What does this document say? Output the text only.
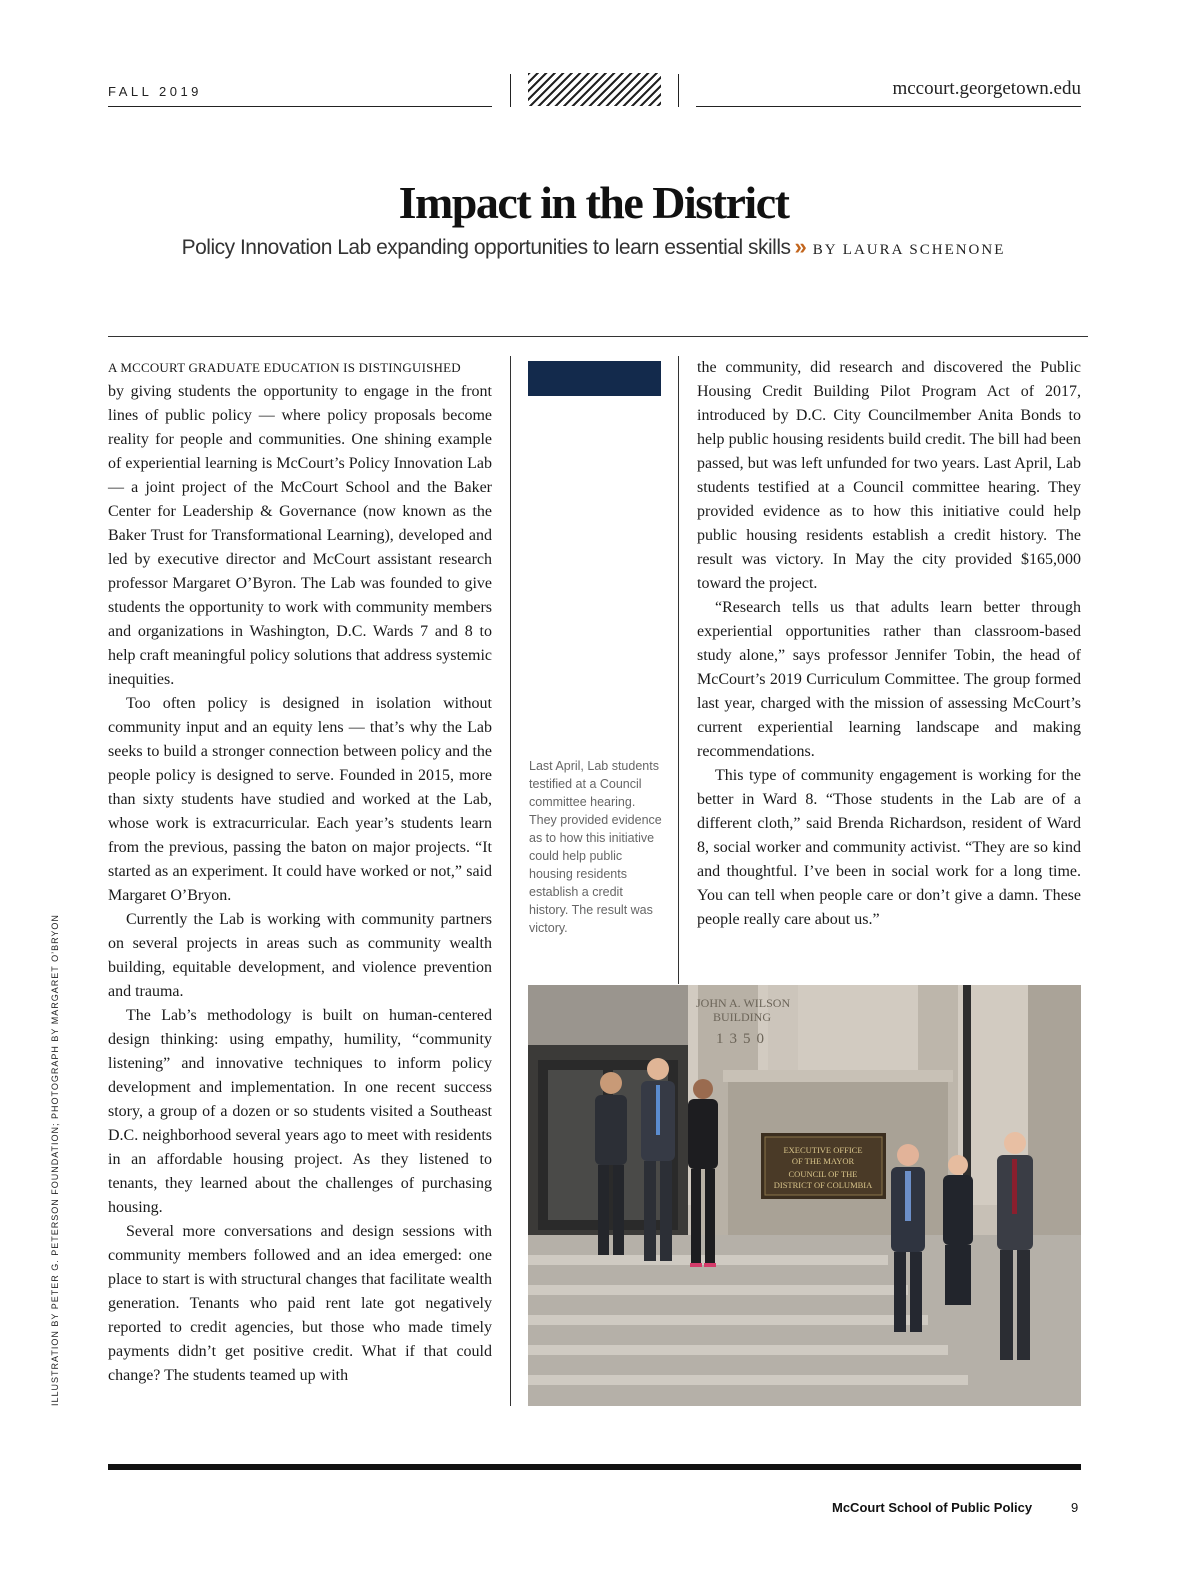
FALL 2019	mccourt.georgetown.edu
Impact in the District
Policy Innovation Lab expanding opportunities to learn essential skills » BY LAURA SCHENONE

A MCCOURT GRADUATE EDUCATION IS DISTINGUISHED
by giving students the opportunity to engage in the front lines of public policy — where policy proposals become reality for people and communities. One shining example of experiential learning is McCourt’s Policy Innovation Lab — a joint project of the McCourt School and the Baker Center for Leadership & Governance (now known as the Baker Trust for Transformational Learning), developed and led by executive director and McCourt assistant research professor Margaret O’Byron. The Lab was founded to give students the opportunity to work with community members and organizations in Washington, D.C. Wards 7 and 8 to help craft meaningful policy solutions that address systemic inequities.

Too often policy is designed in isolation without community input and an equity lens — that’s why the Lab seeks to build a stronger connection between policy and the people policy is designed to serve. Founded in 2015, more than sixty students have studied and worked at the Lab, whose work is extracurricular. Each year’s students learn from the previous, passing the baton on major projects. “It started as an experiment. It could have worked or not,” said Margaret O’Bryon.

Currently the Lab is working with community partners on several projects in areas such as community wealth building, equitable development, and violence prevention and trauma.

The Lab’s methodology is built on human-centered design thinking: using empathy, humility, “community listening” and innovative techniques to inform policy development and implementation. In one recent success story, a group of a dozen or so students visited a Southeast D.C. neighborhood several years ago to meet with residents in an affordable housing project. As they listened to tenants, they learned about the challenges of purchasing housing.

Several more conversations and design sessions with community members followed and an idea emerged: one place to start is with structural changes that facilitate wealth generation. Tenants who paid rent late got negatively reported to credit agencies, but those who made timely payments didn’t get positive credit. What if that could change? The students teamed up with

Last April, Lab students testified at a Council committee hearing. They provided evidence as to how this initiative could help public housing residents establish a credit history. The result was victory.

the community, did research and discovered the Public Housing Credit Building Pilot Program Act of 2017, introduced by D.C. City Councilmember Anita Bonds to help public housing residents build credit. The bill had been passed, but was left unfunded for two years. Last April, Lab students testified at a Council committee hearing. They provided evidence as to how this initiative could help public housing residents establish a credit history. The result was victory. In May the city provided $165,000 toward the project.

“Research tells us that adults learn better through experiential opportunities rather than classroom-based study alone,” says professor Jennifer Tobin, the head of McCourt’s 2019 Curriculum Committee. The group formed last year, charged with the mission of assessing McCourt’s current experiential learning landscape and making recommendations.

This type of community engagement is working for the better in Ward 8. “Those students in the Lab are of a different cloth,” said Brenda Richardson, resident of Ward 8, social worker and community activist. “They are so kind and thoughtful. I’ve been in social work for a long time. You can tell when people care or don’t give a damn. These people really care about us.”

ILLUSTRATION BY PETER G. PETERSON FOUNDATION; PHOTOGRAPH BY MARGARET O’BRYON	JOHN A. WILSON
BUILDING
1350
EXECUTIVE OFFICE
OF THE MAYOR
COUNCIL OF THE
DISTRICT OF COLUMBIA
McCourt School of Public Policy	9
